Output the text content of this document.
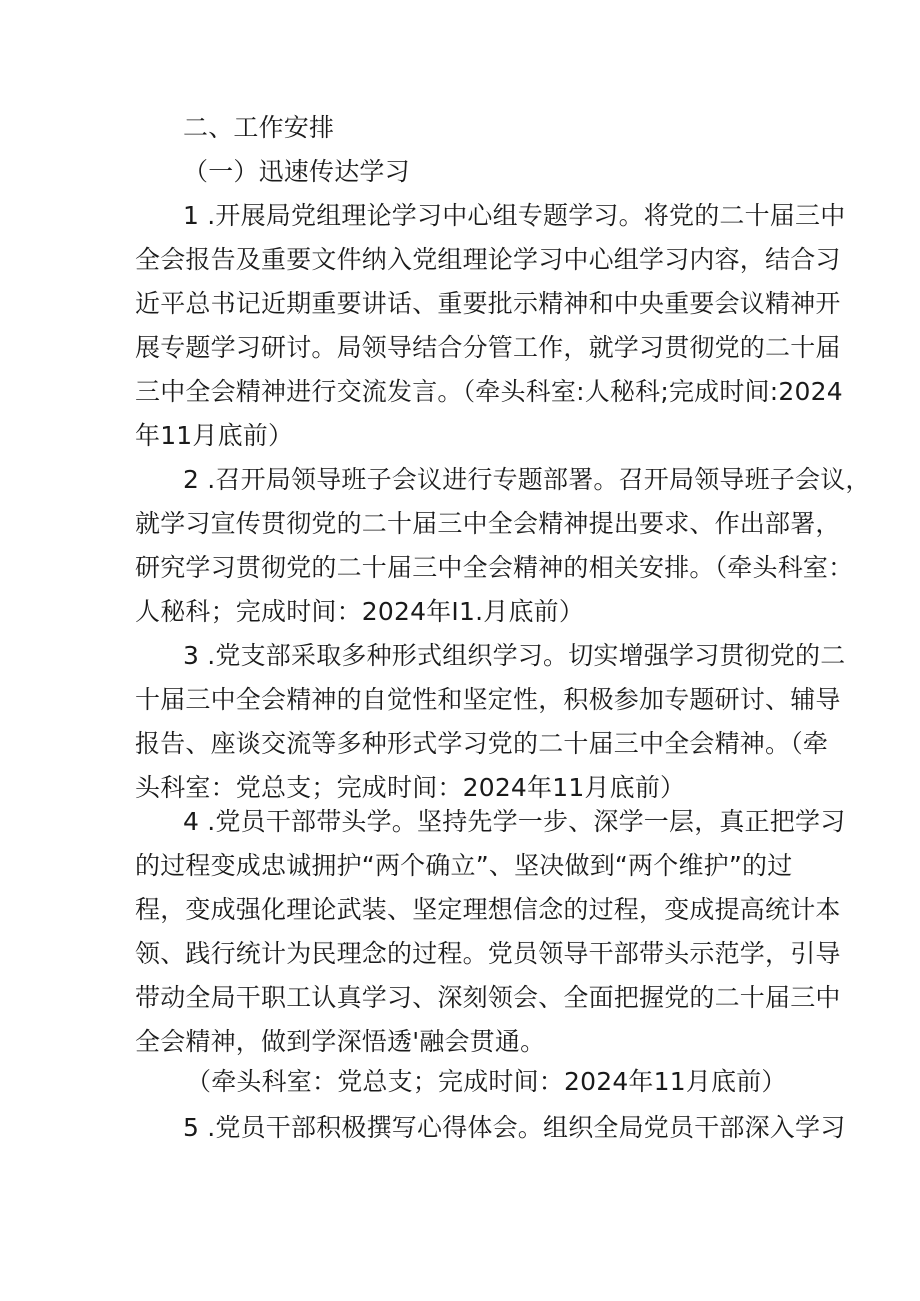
二、工作安排
（一）迅速传达学习
1 .开展局党组理论学习中心组专题学习。将党的二十届三中
全会报告及重要文件纳入党组理论学习中心组学习内容，结合习
近平总书记近期重要讲话、重要批示精神和中央重要会议精神开
展专题学习研讨。局领导结合分管工作，就学习贯彻党的二十届
三中全会精神进行交流发言。（牵头科室:人秘科;完成时间:2024
年11月底前）
2 .召开局领导班子会议进行专题部署。召开局领导班子会议，
就学习宣传贯彻党的二十届三中全会精神提出要求、作出部署，
研究学习贯彻党的二十届三中全会精神的相关安排。（牵头科室：
人秘科；完成时间：2024年I1.月底前）
3 .党支部采取多种形式组织学习。切实增强学习贯彻党的二
十届三中全会精神的自觉性和坚定性，积极参加专题研讨、辅导
报告、座谈交流等多种形式学习党的二十届三中全会精神。（牵
头科室：党总支；完成时间：2024年11月底前）
4 .党员干部带头学。坚持先学一步、深学一层，真正把学习
的过程变成忠诚拥护“两个确立”、坚决做到“两个维护”的过
程，变成强化理论武装、坚定理想信念的过程，变成提高统计本
领、践行统计为民理念的过程。党员领导干部带头示范学，引导
带动全局干职工认真学习、深刻领会、全面把握党的二十届三中
全会精神，做到学深悟透'融会贯通。
（牵头科室：党总支；完成时间：2024年11月底前）
5 .党员干部积极撰写心得体会。组织全局党员干部深入学习
